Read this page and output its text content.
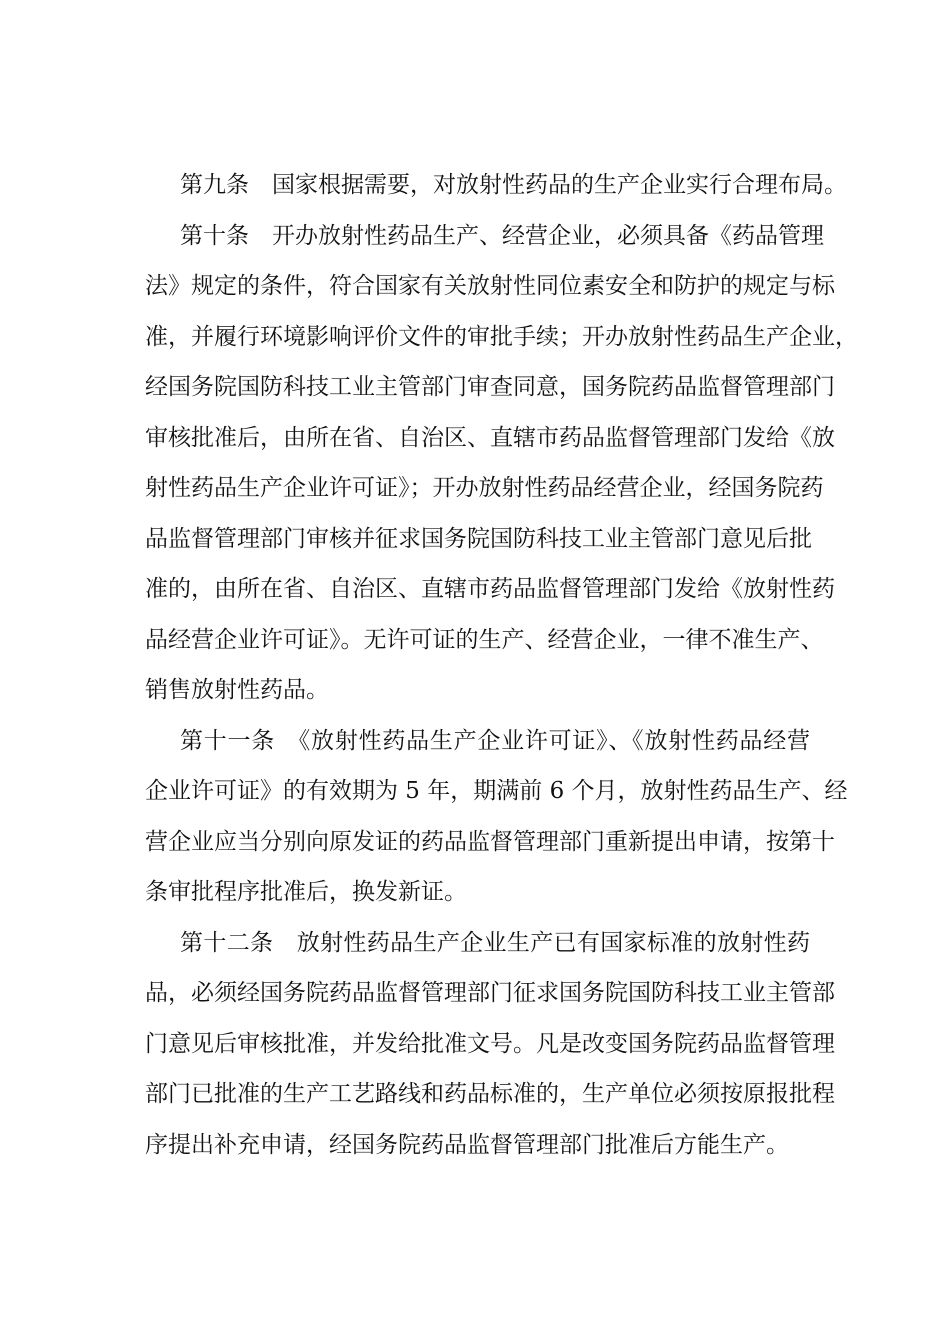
第九条　国家根据需要，对放射性药品的生产企业实行合理布局。
第十条　开办放射性药品生产、经营企业，必须具备《药品管理
法》规定的条件，符合国家有关放射性同位素安全和防护的规定与标
准，并履行环境影响评价文件的审批手续；开办放射性药品生产企业，
经国务院国防科技工业主管部门审查同意，国务院药品监督管理部门
审核批准后，由所在省、自治区、直辖市药品监督管理部门发给《放
射性药品生产企业许可证》；开办放射性药品经营企业，经国务院药
品监督管理部门审核并征求国务院国防科技工业主管部门意见后批
准的，由所在省、自治区、直辖市药品监督管理部门发给《放射性药
品经营企业许可证》。无许可证的生产、经营企业，一律不准生产、
销售放射性药品。
第十一条　《放射性药品生产企业许可证》、《放射性药品经营
企业许可证》的有效期为 5 年，期满前 6 个月，放射性药品生产、经
营企业应当分别向原发证的药品监督管理部门重新提出申请，按第十
条审批程序批准后，换发新证。
第十二条　放射性药品生产企业生产已有国家标准的放射性药
品，必须经国务院药品监督管理部门征求国务院国防科技工业主管部
门意见后审核批准，并发给批准文号。凡是改变国务院药品监督管理
部门已批准的生产工艺路线和药品标准的，生产单位必须按原报批程
序提出补充申请，经国务院药品监督管理部门批准后方能生产。
